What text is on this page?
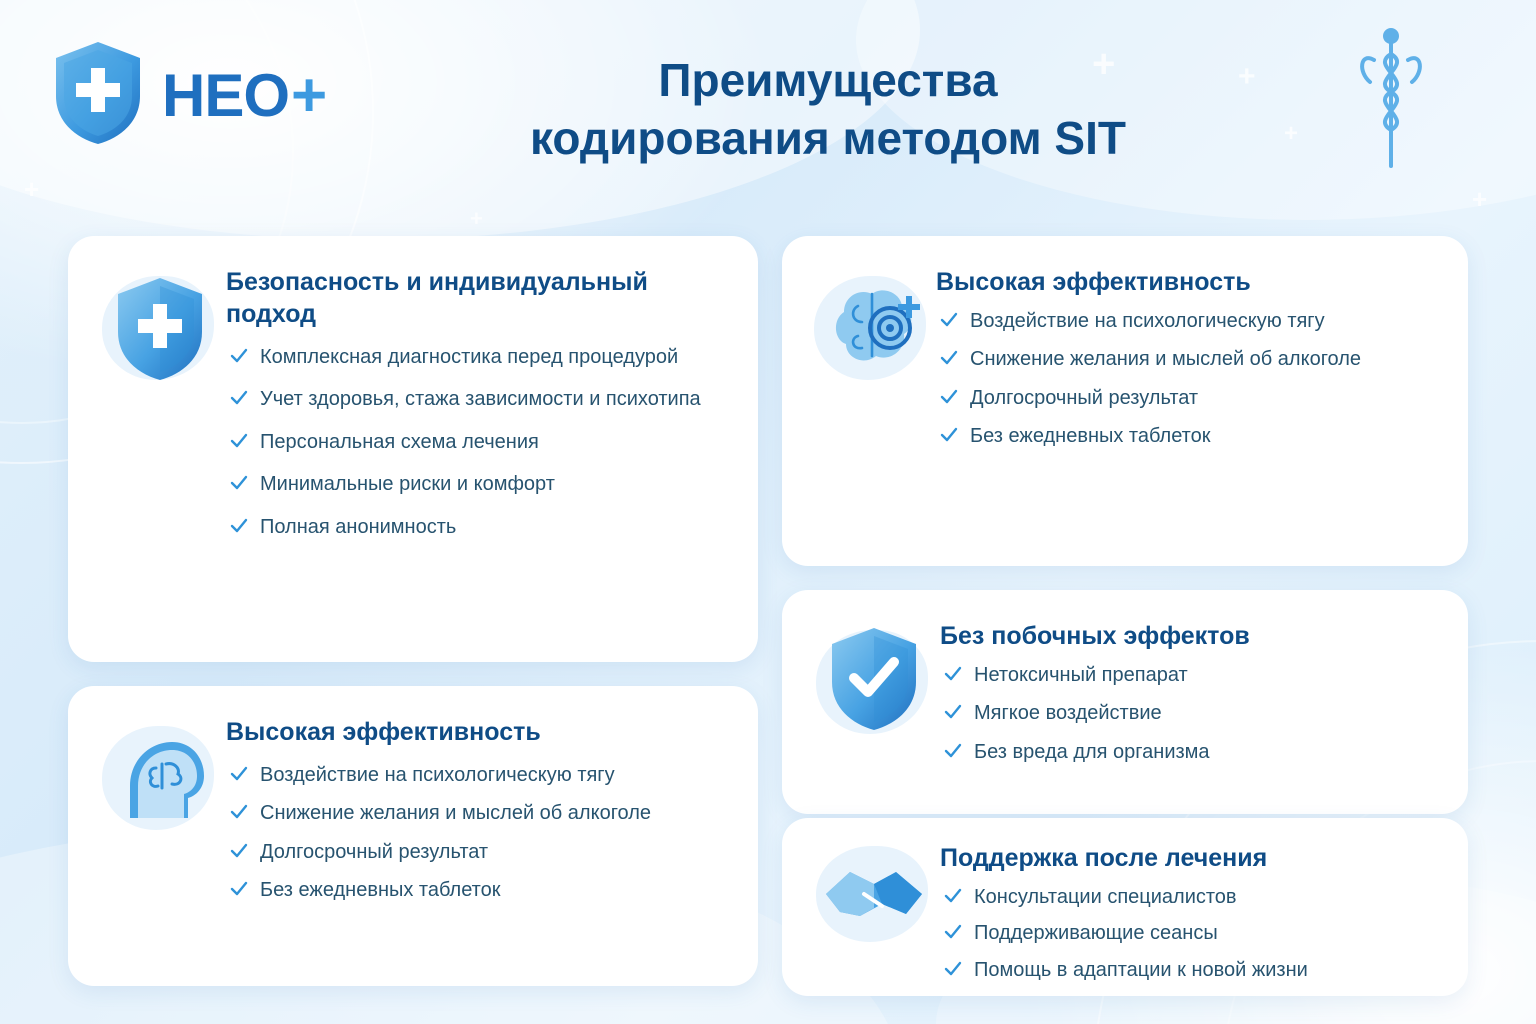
+	+
+
+
+
+
HEO +	Преимущества
кодирования методом SIT
Безопасность и индивидуальный подход
Комплексная диагностика перед процедурой
Учет здоровья, стажа зависимости и психотипа
Персональная схема лечения
Минимальные риски и комфорт
Полная анонимность
Высокая эффективность
Воздействие на психологическую тягу
Снижение желания и мыслей об алкоголе
Долгосрочный результат
Без ежедневных таблеток
Высокая эффективность
Воздействие на психологическую тягу
Снижение желания и мыслей об алкоголе
Долгосрочный результат
Без ежедневных таблеток
Без побочных эффектов
Нетоксичный препарат
Мягкое воздействие
Без вреда для организма
Поддержка после лечения
Консультации специалистов
Поддерживающие сеансы
Помощь в адаптации к новой жизни
